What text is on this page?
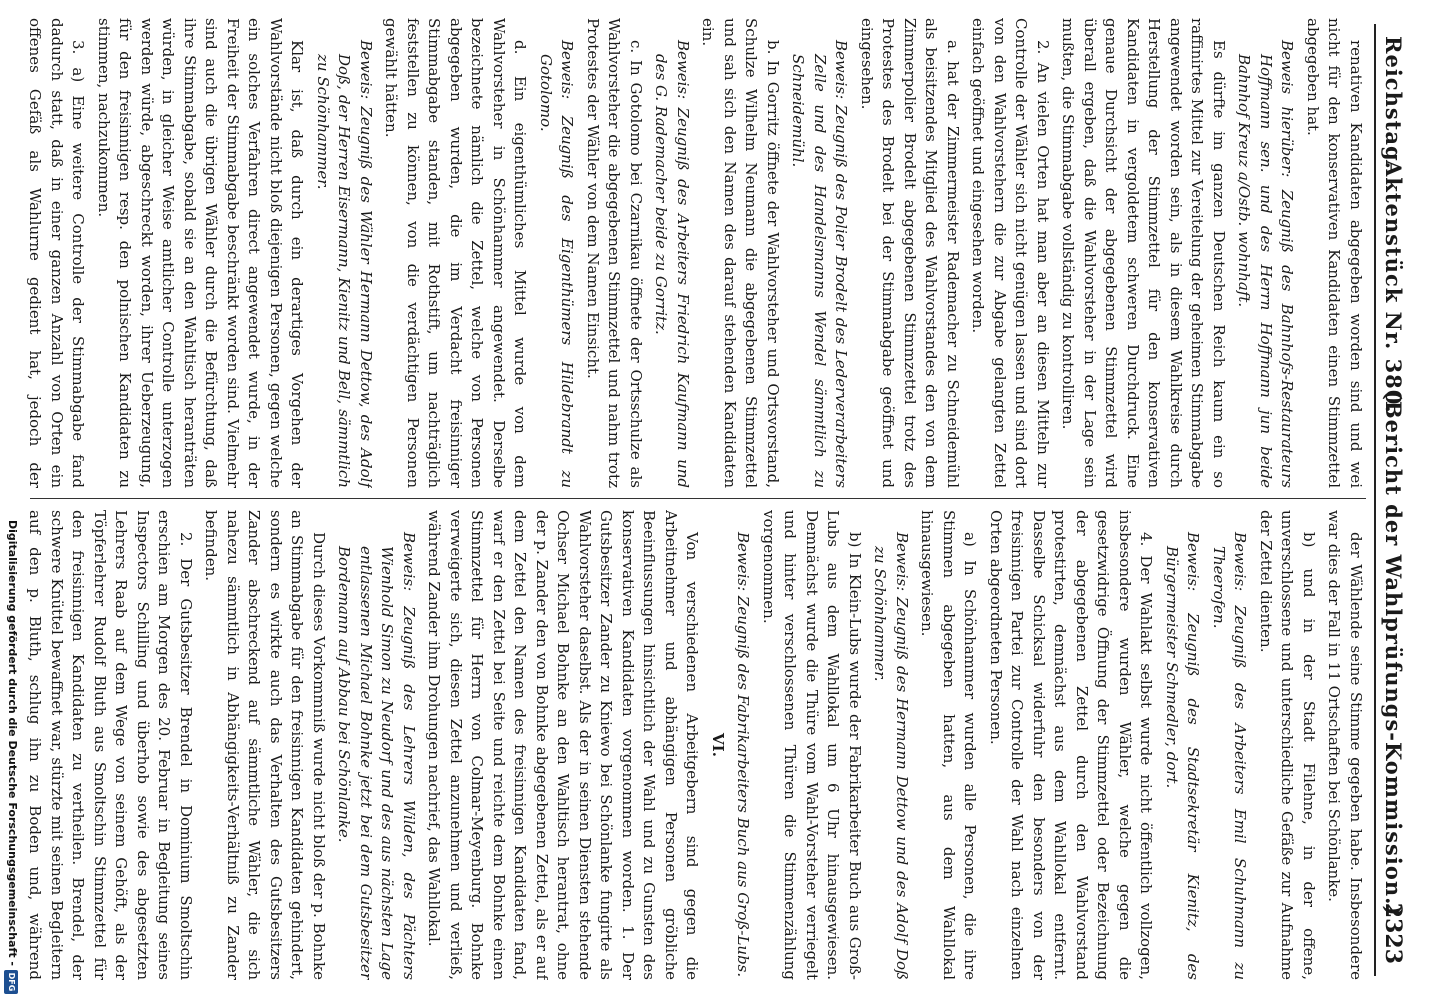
Reichstag.
Aktenstück Nr. 380.
(Bericht der Wahlprüfungs-Kommission.)
2323

renativen Kandidaten abgegeben worden sind und wei nicht für den konservativen Kandidaten einen Stimmzettel abgegeben hat.

Beweis hierüber: Zeugniß des Bahnhofs-Restaurateurs Hoffmann sen. und des Herrn Hoffmann jun beide Bahnhof Kreuz a/Ostb. wohnhaft.

Es dürfte im ganzen Deutschen Reich kaum ein so raffinirtes Mittel zur Vereitelung der geheimen Stimmabgabe angewendet worden sein, als in diesem Wahlkreise durch Herstellung der Stimmzettel für den konservativen Kandidaten in vergoldetem schweren Durchdruck. Eine genaue Durchsicht der abgegebenen Stimmzettel wird überall ergeben, daß die Wahlvorsteher in der Lage sein mußten, die Stimmabgabe vollständig zu kontrolliren.

2. An vielen Orten hat man aber an diesen Mitteln zur Controlle der Wähler sich nicht genügen lassen und sind dort von den Wahlvorstehern die zur Abgabe gelangten Zettel einfach geöffnet und eingesehen worden.

a. hat der Zimmermeister Rademacher zu Schneidemühl als beisitzendes Mitglied des Wahlvorstandes den von dem Zimmerpolier Brodelt abgegebenen Stimmzettel trotz des Protestes des Brodelt bei der Stimmabgabe geöffnet und eingesehen.

Beweis: Zeugniß des Polier Brodelt des Lederverarbeiters Zelle und des Handelsmanns Wendel sämmtlich zu Schneidemühl.

b. In Gorritz öffnete der Wahlvorsteher und Ortsvorstand, Schulze Wilhelm Neumann die abgegebenen Stimmzettel und sah sich den Namen des darauf stehenden Kandidaten ein.

Beweis: Zeugniß des Arbeiters Friedrich Kaufmann und des G. Rademacher beide zu Gorritz.

c. In Gotolomo bei Czarnikau öffnete der Ortsschulze als Wahlvorsteher die abgegebenen Stimmzettel und nahm trotz Protestes der Wähler von dem Namen Einsicht.

Beweis: Zeugniß des Eigenthümers Hildebrandt zu Gotolomo.

d. Ein eigenthümliches Mittel wurde von dem Wahlvorsteher in Schönhammer angewendet. Derselbe bezeichnete nämlich die Zettel, welche von Personen abgegeben wurden, die im Verdacht freisinniger Stimmabgabe standen, mit Rothstift, um nachträglich feststellen zu können, von die verdächtigen Personen gewählt hätten.

Beweis: Zeugniß des Wähler Hermann Dettow, des Adolf Doß, der Herren Eisermann, Kienitz und Bell, sämmtlich zu Schönhammer.

Klar ist, daß durch ein derartiges Vorgehen der Wahlvorstände nicht bloß diejenigen Personen, gegen welche ein solches Verfahren direct angewendet wurde, in der Freiheit der Stimmabgabe beschränkt worden sind. Vielmehr sind auch die übrigen Wähler durch die Befürchtung, daß ihre Stimmabgabe, sobald sie an den Wahltisch heranträten würden, in gleicher Weise amtlicher Controlle unterzogen werden würde, abgeschreckt worden, ihrer Ueberzeugung, für den freisinnigen resp. den polnischen Kandidaten zu stimmen, nachzukommen.

3. a) Eine weitere Controlle der Stimmabgabe fand dadurch statt, daß in einer ganzen Anzahl von Orten ein offenes Gefäß als Wahlurne gedient hat, jedoch der

der Wählende seine Stimme gegeben habe. Insbesondere war dies der Fall in 11 Ortschaften bei Schönlanke.

b) und in der Stadt Filehne, in der offene, unverschlossene und unterschiedliche Gefäße zur Aufnahme der Zettel dienten.

Beweis: Zeugniß des Arbeiters Emil Schuhmann zu Theerofen.

Beweis: Zeugniß des Stadtsekretär Kienitz, des Bürgermeister Schmedler, dort.

4. Der Wahlakt selbst wurde nicht öffentlich vollzogen, insbesondere wurden Wähler, welche gegen die gesetzwidrige Öffnung der Stimmzettel oder Bezeichnung der abgegebenen Zettel durch den Wahlvorstand protestirten, demnächst aus dem Wahllokal entfernt. Dasselbe Schicksal widerfuhr den besonders von der freisinnigen Partei zur Controlle der Wahl nach einzelnen Orten abgeordneten Personen.

a) In Schönhammer wurden alle Personen, die ihre Stimmen abgegeben hatten, aus dem Wahllokal hinausgewiesen.

Beweis: Zeugniß des Hermann Dettow und des Adolf Doß zu Schönhammer.

b) In Klein-Lubs wurde der Fabrikarbeiter Buch aus Groß-Lubs aus dem Wahllokal um 6 Uhr hinausgewiesen. Demnächst wurde die Thüre vom Wahl-Vorsteher verriegelt und hinter verschlossenen Thüren die Stimmenzählung vorgenommen.

Beweis: Zeugniß des Fabrikarbeiters Buch aus Groß-Lubs.

VI.

Von verschiedenen Arbeitgebern sind gegen die Arbeitnehmer und abhängigen Personen gröbliche Beeinflussungen hinsichtlich der Wahl und zu Gunsten des konservativen Kandidaten vorgenommen worden. 1. Der Gutsbesitzer Zander zu Kniewo bei Schönlanke fungirte als Wahlvorsteher daselbst. Als der in seinen Diensten stehende Ochser Michael Bohnke an den Wahltisch herantrat, ohne der p. Zander den von Bohnke abgegebenen Zettel, als er auf dem Zettel den Namen des freisinnigen Kandidaten fand, warf er den Zettel bei Seite und reichte dem Bohnke einen Stimmzettel für Herrn von Colmar-Meyenburg. Bohnke verweigerte sich, diesen Zettel anzunehmen und verließ, während Zander ihm Drohungen nachrief, das Wahllokal.

Beweis: Zeugniß des Lehrers Wilden, des Pächters Wienhold Simon zu Neudorf und des aus nächsten Lage entlassenen Michael Bohnke jetzt bei dem Gutsbesitzer Bordemann auf Abbau bei Schönlanke.

Durch dieses Vorkommniß wurde nicht bloß der p. Bohnke an Stimmabgabe für den freisinnigen Kandidaten gehindert, sondern es wirkte auch das Verhalten des Gutsbesitzers Zander abschreckend auf sämmtliche Wähler, die sich nahezu sämmtlich in Abhängigkeits-Verhältniß zu Zander befinden.

2. Der Gutsbesitzer Brendel in Dominium Smoltschin erschien am Morgen des 20. Februar in Begleitung seines Inspectors Schilling und überhob sowie des abgesetzten Lehrers Raab auf dem Wege von seinem Gehöft, als der Töpferlehrer Rudolf Bluth aus Smoltschin Stimmzettel für den freisinnigen Kandidaten zu vertheilen. Brendel, der schwere Knüttel bewaffnet war, stürzte mit seinen Begleitern auf den p. Bluth, schlug ihn zu Boden und, während

Digitalisierung gefördert durch die Deutsche Forschungsgemeinschaft -
DFG
